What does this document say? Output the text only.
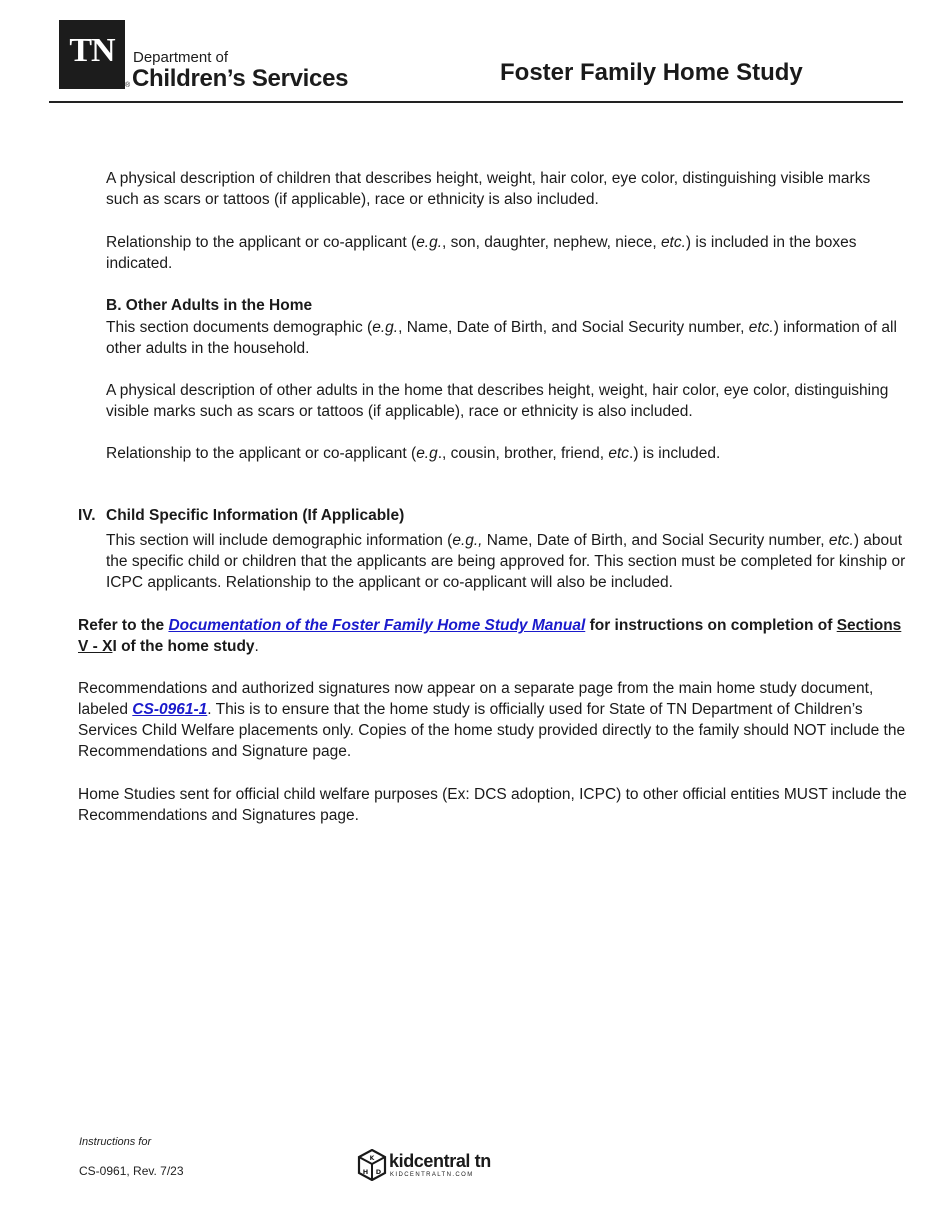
TN
®
Department of
Children’s Services	Foster Family Home Study

A physical description of children that describes height, weight, hair color, eye color, distinguishing visible marks such as scars or tattoos (if applicable), race or ethnicity is also included.

Relationship to the applicant or co-applicant (e.g., son, daughter, nephew, niece, etc.) is included in the boxes indicated.

B. Other Adults in the Home

This section documents demographic (e.g., Name, Date of Birth, and Social Security number, etc.) information of all other adults in the household.

A physical description of other adults in the home that describes height, weight, hair color, eye color, distinguishing visible marks such as scars or tattoos (if applicable), race or ethnicity is also included.

Relationship to the applicant or co-applicant (e.g., cousin, brother, friend, etc.) is included.

IV. Child Specific Information (If Applicable)

This section will include demographic information (e.g., Name, Date of Birth, and Social Security number, etc.) about the specific child or children that the applicants are being approved for. This section must be completed for kinship or ICPC applicants. Relationship to the applicant or co-applicant will also be included.

Refer to the Documentation of the Foster Family Home Study Manual for instructions on completion of Sections V - XI of the home study.

Recommendations and authorized signatures now appear on a separate page from the main home study document, labeled CS-0961-1. This is to ensure that the home study is officially used for State of TN Department of Children’s Services Child Welfare placements only. Copies of the home study provided directly to the family should NOT include the Recommendations and Signature page.

Home Studies sent for official child welfare purposes (Ex: DCS adoption, ICPC) to other official entities MUST include the Recommendations and Signatures page.

Instructions for
CS-0961, Rev. 7/23
K
H D
kidcentral tn
KIDCENTRALTN.COM
